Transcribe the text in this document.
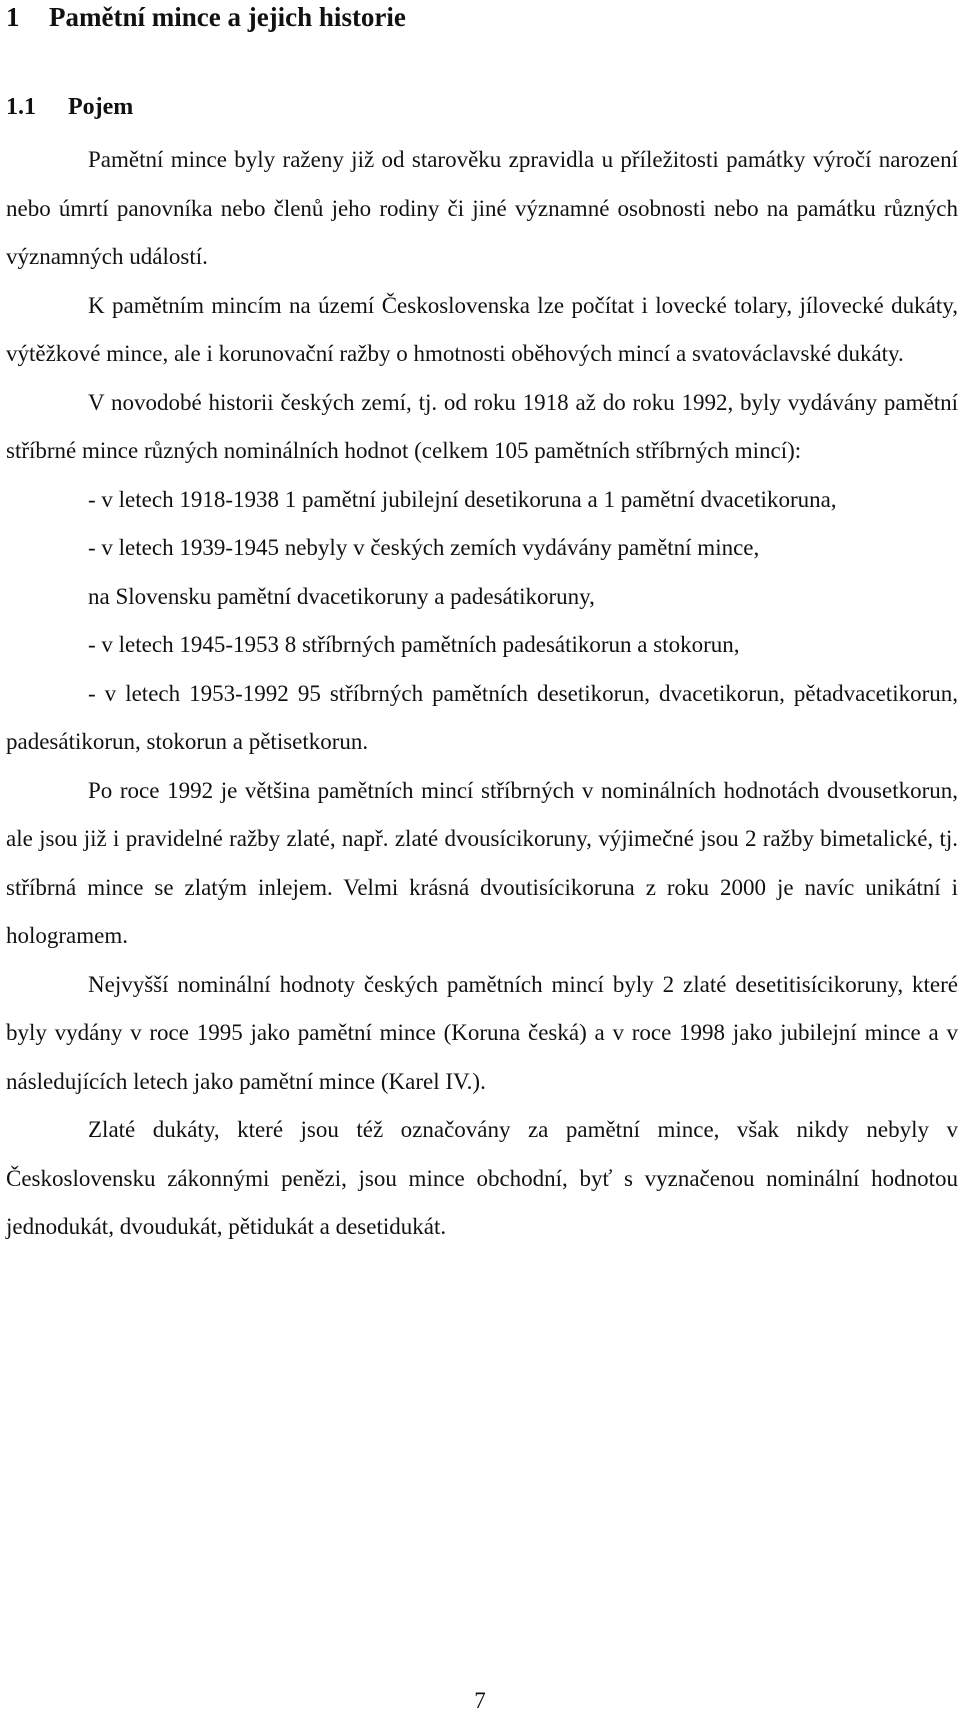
1 Pamětní mince a jejich historie
1.1 Pojem

Pamětní mince byly raženy již od starověku zpravidla u příležitosti památky výročí narození nebo úmrtí panovníka nebo členů jeho rodiny či jiné významné osobnosti nebo na památku různých významných událostí.

K pamětním mincím na území Československa lze počítat i lovecké tolary, jílovecké dukáty, výtěžkové mince, ale i korunovační ražby o hmotnosti oběhových mincí a svatováclavské dukáty.

V novodobé historii českých zemí, tj. od roku 1918 až do roku 1992, byly vydávány pamětní stříbrné mince různých nominálních hodnot (celkem 105 pamětních stříbrných mincí):

- v letech 1918-1938 1 pamětní jubilejní desetikoruna a 1 pamětní dvacetikoruna,

- v letech 1939-1945 nebyly v českých zemích vydávány pamětní mince,

na Slovensku pamětní dvacetikoruny a padesátikoruny,

- v letech 1945-1953 8 stříbrných pamětních padesátikorun a stokorun,

- v letech 1953-1992 95 stříbrných pamětních desetikorun, dvacetikorun, pětadvacetikorun, padesátikorun, stokorun a pětisetkorun.

Po roce 1992 je většina pamětních mincí stříbrných v nominálních hodnotách dvousetkorun, ale jsou již i pravidelné ražby zlaté, např. zlaté dvousícikoruny, výjimečné jsou 2 ražby bimetalické, tj. stříbrná mince se zlatým inlejem. Velmi krásná dvoutisícikoruna z roku 2000 je navíc unikátní i hologramem.

Nejvyšší nominální hodnoty českých pamětních mincí byly 2 zlaté desetitisícikoruny, které byly vydány v roce 1995 jako pamětní mince (Koruna česká) a v roce 1998 jako jubilejní mince a v následujících letech jako pamětní mince (Karel IV.).

Zlaté dukáty, které jsou též označovány za pamětní mince, však nikdy nebyly v Československu zákonnými penězi, jsou mince obchodní, byť s vyznačenou nominální hodnotou jednodukát, dvoudukát, pětidukát a desetidukát.

7
